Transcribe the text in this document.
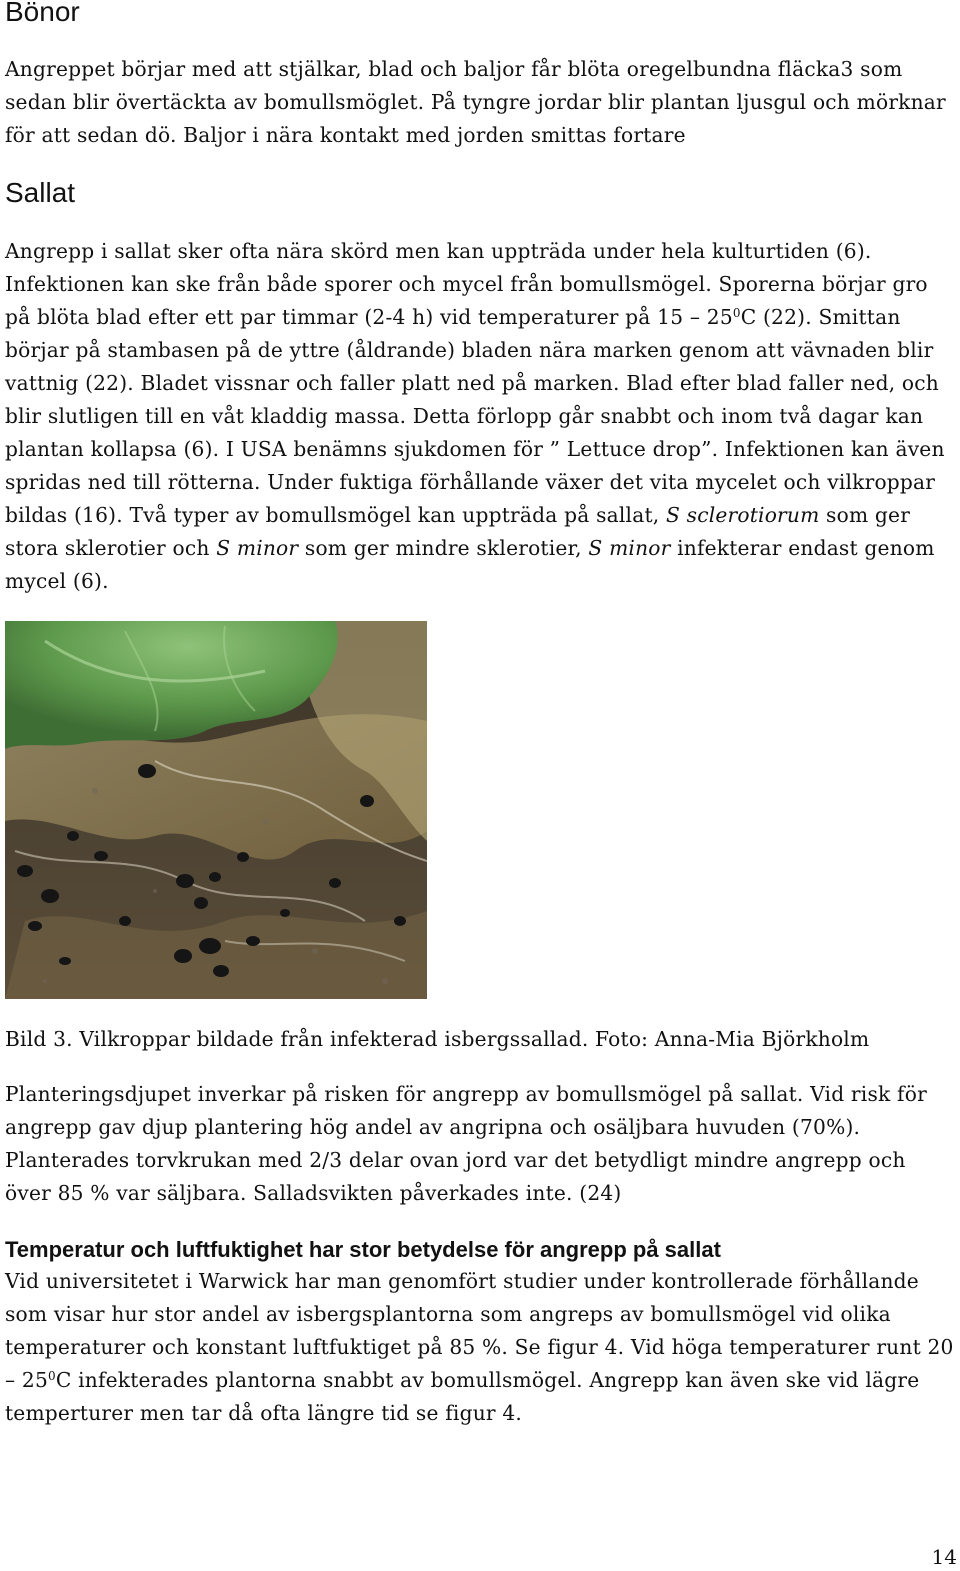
Bönor

Angreppet börjar med att stjälkar, blad och baljor får blöta oregelbundna fläcka3 som sedan blir övertäckta av bomullsmöglet. På tyngre jordar blir plantan ljusgul och mörknar för att sedan dö. Baljor i nära kontakt med jorden smittas fortare

Sallat

Angrepp i sallat sker ofta nära skörd men kan uppträda under hela kulturtiden (6). Infektionen kan ske från både sporer och mycel från bomullsmögel. Sporerna börjar gro på blöta blad efter ett par timmar (2-4 h) vid temperaturer på $15 - 25^0C$ (22). Smittan börjar på stambasen på de yttre (åldrande) bladen nära marken genom att vävnaden blir vattnig (22). Bladet vissnar och faller platt ned på marken. Blad efter blad faller ned, och blir slutligen till en våt kladdig massa. Detta förlopp går snabbt och inom två dagar kan plantan kollapsa (6). I USA benämns sjukdomen för ” Lettuce drop”. Infektionen kan även spridas ned till rötterna. Under fuktiga förhållande växer det vita mycelet och vilkroppar bildas (16). Två typer av bomullsmögel kan uppträda på sallat, S sclerotiorum som ger stora sklerotier och S minor som ger mindre sklerotier, S minor infekterar endast genom mycel (6).

Bild 3. Vilkroppar bildade från infekterad isbergssallad. Foto: Anna-Mia Björkholm

Planteringsdjupet inverkar på risken för angrepp av bomullsmögel på sallat. Vid risk för angrepp gav djup plantering hög andel av angripna och osäljbara huvuden (70%). Planterades torvkrukan med 2/3 delar ovan jord var det betydligt mindre angrepp och över 85 % var säljbara. Salladsvikten påverkades inte. (24)

Temperatur och luftfuktighet har stor betydelse för angrepp på sallat

Vid universitetet i Warwick har man genomfört studier under kontrollerade förhållande som visar hur stor andel av isbergsplantorna som angreps av bomullsmögel vid olika temperaturer och konstant luftfuktiget på 85 %. Se figur 4. Vid höga temperaturer runt $20 - 25^0C$ infekterades plantorna snabbt av bomullsmögel. Angrepp kan även ske vid lägre temperturer men tar då ofta längre tid se figur 4.

14
